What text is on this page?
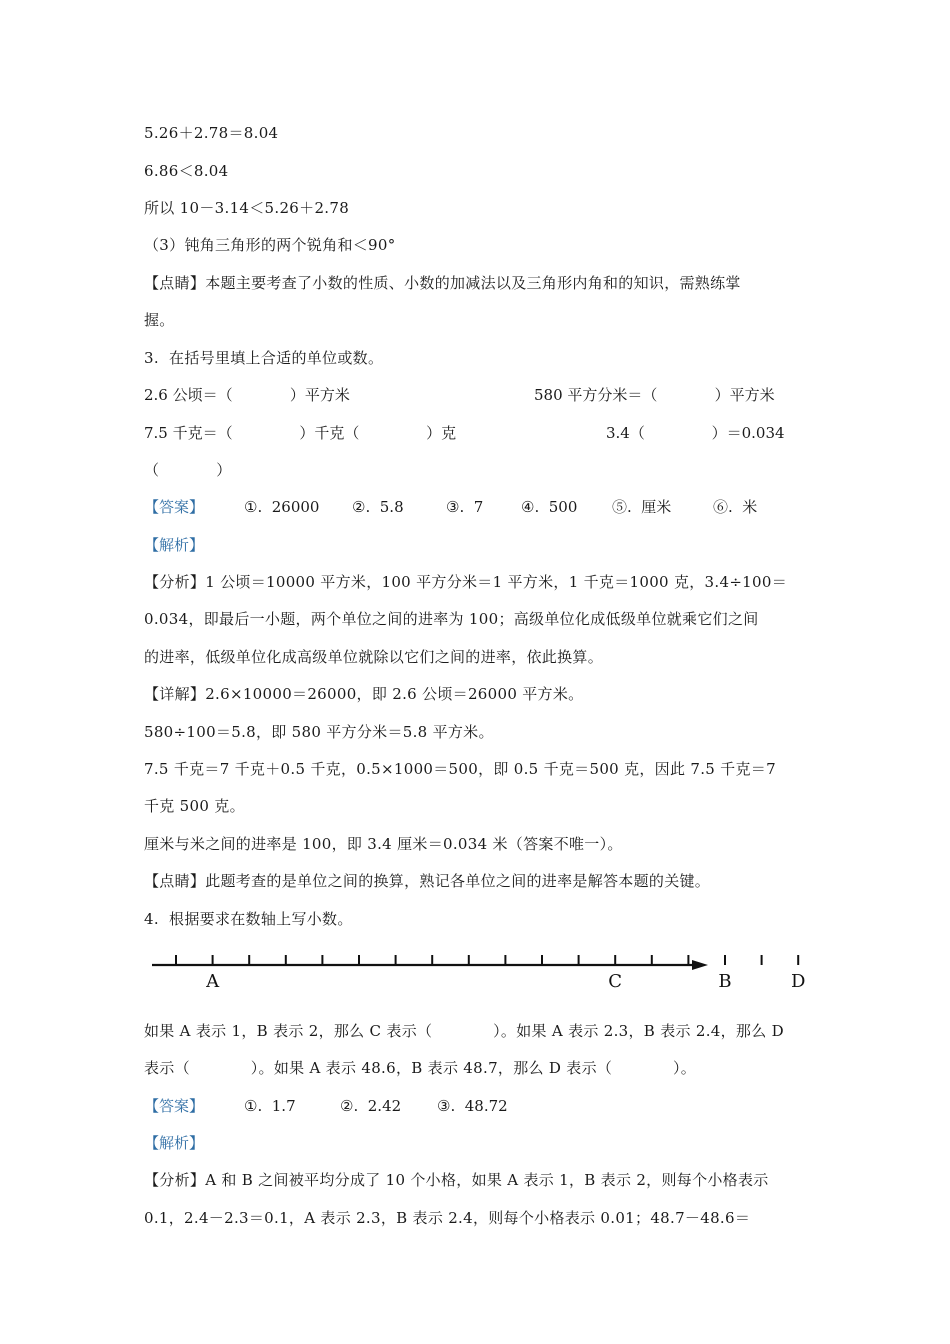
5.26＋2.78＝8.04
6.86＜8.04
所以 10－3.14＜5.26＋2.78
（3）钝角三角形的两个锐角和＜90°
【点睛】本题主要考查了小数的性质、小数的加减法以及三角形内角和的知识，需熟练掌
握。
3.  在括号里填上合适的单位或数。
2.6 公顷＝（            ）平方米	580 平方分米＝（            ）平方米
7.5 千克＝（              ）千克（              ）克	3.4（              ）＝0.034
（            ）
【答案】	①.  26000 ②.  5.8	③.  7	④.  500 ⑤.  厘米	⑥.  米
【解析】
【分析】1 公顷＝10000 平方米，100 平方分米＝1 平方米，1 千克＝1000 克，3.4÷100＝
0.034，即最后一小题，两个单位之间的进率为 100；高级单位化成低级单位就乘它们之间
的进率，低级单位化成高级单位就除以它们之间的进率，依此换算。
【详解】2.6×10000＝26000，即 2.6 公顷＝26000 平方米。
580÷100＝5.8，即 580 平方分米＝5.8 平方米。
7.5 千克＝7 千克＋0.5 千克，0.5×1000＝500，即 0.5 千克＝500 克，因此 7.5 千克＝7
千克 500 克。
厘米与米之间的进率是 100，即 3.4 厘米＝0.034 米（答案不唯一）。
【点睛】此题考查的是单位之间的换算，熟记各单位之间的进率是解答本题的关键。
4.  根据要求在数轴上写小数。
A	C	B	D
如果 A 表示 1，B 表示 2，那么 C 表示（            ）。如果 A 表示 2.3，B 表示 2.4，那么 D
表示（            ）。如果 A 表示 48.6，B 表示 48.7，那么 D 表示（            ）。
【答案】	①.  1.7	②.  2.42 ③.  48.72
【解析】
【分析】A 和 B 之间被平均分成了 10 个小格，如果 A 表示 1，B 表示 2，则每个小格表示
0.1，2.4－2.3＝0.1，A 表示 2.3，B 表示 2.4，则每个小格表示 0.01；48.7－48.6＝
